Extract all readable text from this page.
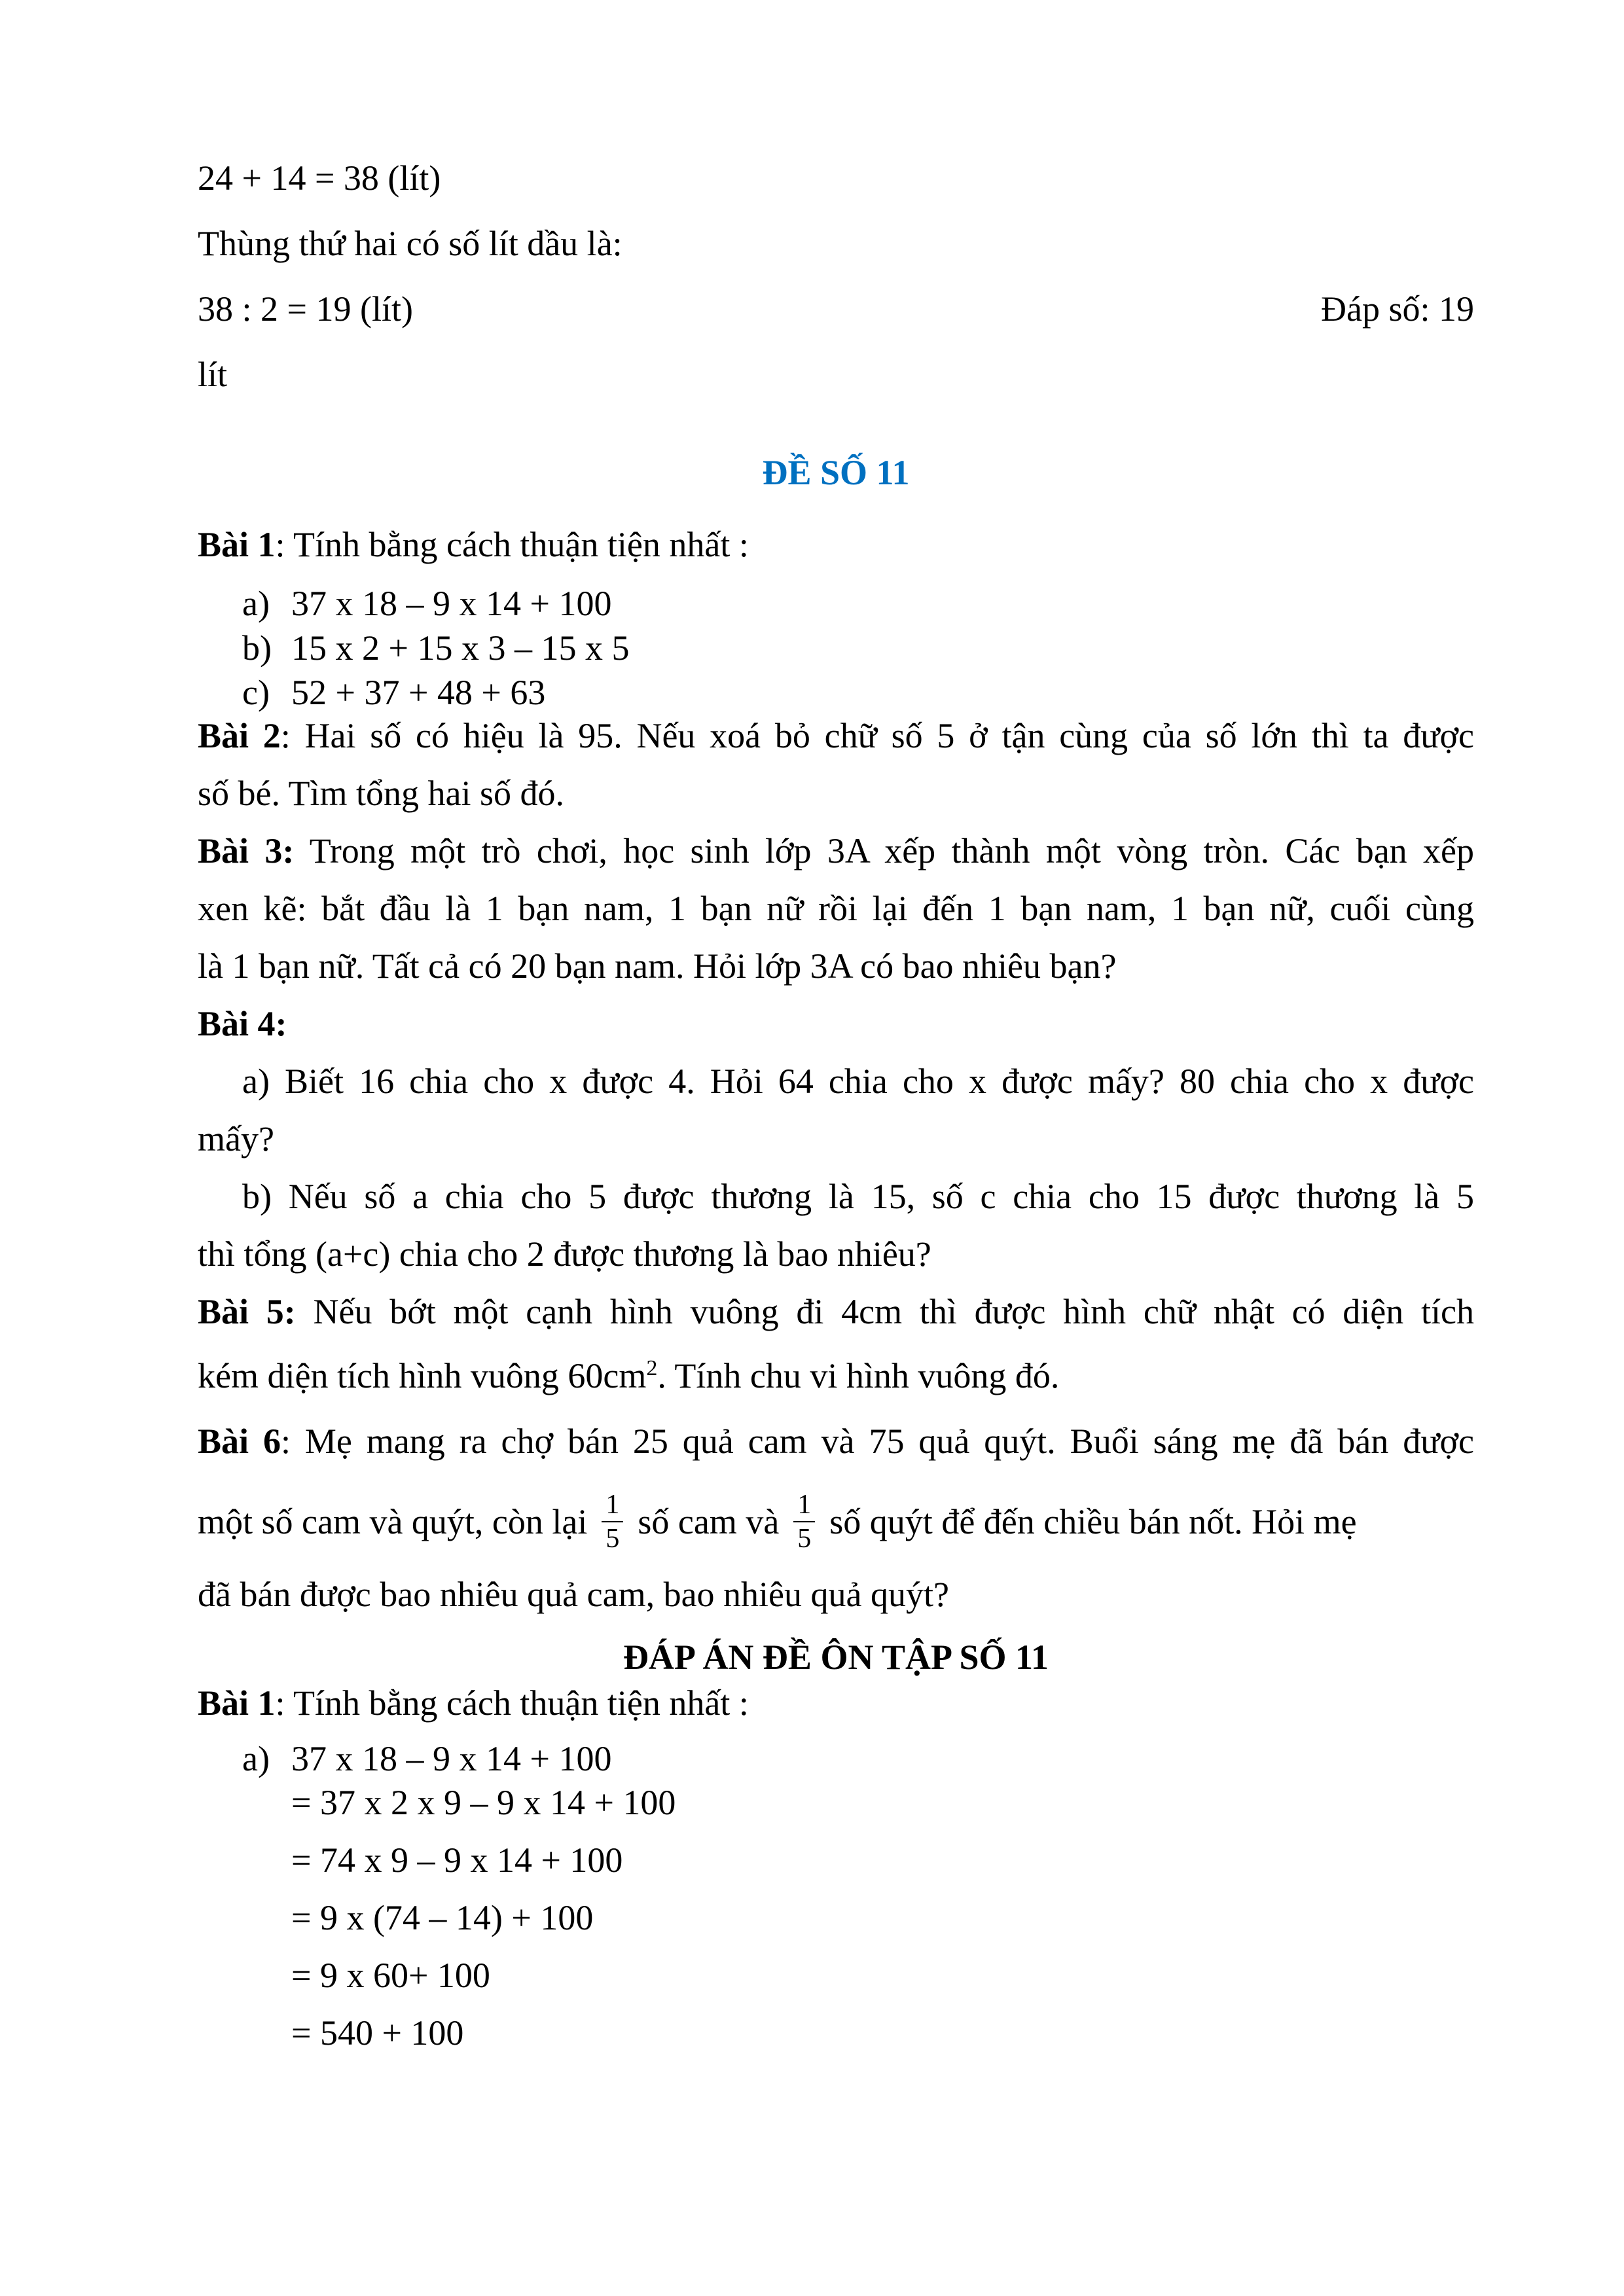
24 + 14 = 38 (lít)
Thùng thứ hai có số lít dầu là:
38 : 2 = 19 (lít)	Đáp số: 19
lít
ĐỀ SỐ 11
Bài 1: Tính bằng cách thuận tiện nhất :
a) 37 x 18 – 9 x 14 + 100
b) 15 x 2 + 15 x 3 – 15 x 5
c) 52 + 37 + 48 + 63
Bài 2: Hai số có hiệu là 95. Nếu xoá bỏ chữ số 5 ở tận cùng của số lớn thì ta được
số bé. Tìm tổng hai số đó.
Bài 3: Trong một trò chơi, học sinh lớp 3A xếp thành một vòng tròn. Các bạn xếp
xen kẽ: bắt đầu là 1 bạn nam, 1 bạn nữ rồi lại đến 1 bạn nam, 1 bạn nữ, cuối cùng
là 1 bạn nữ. Tất cả có 20 bạn nam. Hỏi lớp 3A có bao nhiêu bạn?
Bài 4:
a) Biết 16 chia cho x được 4. Hỏi 64 chia cho x được mấy? 80 chia cho x được
mấy?
b) Nếu số a chia cho 5 được thương là 15, số c chia cho 15 được thương là 5
thì tổng (a+c) chia cho 2 được thương là bao nhiêu?
Bài 5: Nếu bớt một cạnh hình vuông đi 4cm thì được hình chữ nhật có diện tích
kém diện tích hình vuông $60cm^2$. Tính chu vi hình vuông đó.
Bài 6: Mẹ mang ra chợ bán 25 quả cam và 75 quả quýt. Buổi sáng mẹ đã bán được
một số cam và quýt, còn lại $\frac{1}{5}$ số cam và $\frac{1}{5}$ số quýt để đến chiều bán nốt. Hỏi mẹ
đã bán được bao nhiêu quả cam, bao nhiêu quả quýt?
ĐÁP ÁN ĐỀ ÔN TẬP SỐ 11
Bài 1: Tính bằng cách thuận tiện nhất :
a) 37 x 18 – 9 x 14 + 100
= 37 x 2 x 9 – 9 x 14 + 100
= 74 x 9 – 9 x 14 + 100
= 9 x (74 – 14) + 100
= 9 x 60+ 100
= 540 + 100
